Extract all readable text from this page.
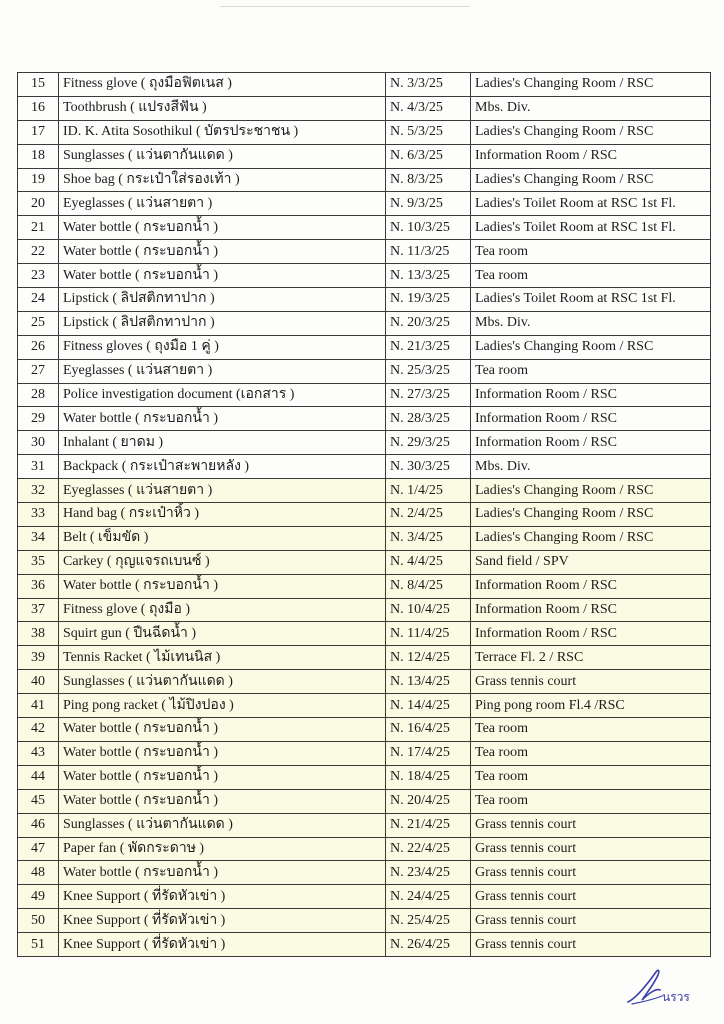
15	Fitness glove ( ถุงมือฟิตเนส )	N. 3/3/25	Ladies's Changing Room / RSC
16	Toothbrush ( แปรงสีฟัน )	N. 4/3/25	Mbs. Div.
17	ID. K. Atita Sosothikul ( บัตรประชาชน )	N. 5/3/25	Ladies's Changing Room / RSC
18	Sunglasses ( แว่นตากันแดด )	N. 6/3/25	Information Room / RSC
19	Shoe bag ( กระเป๋าใส่รองเท้า )	N. 8/3/25	Ladies's Changing Room / RSC
20	Eyeglasses ( แว่นสายตา )	N. 9/3/25	Ladies's Toilet Room at RSC 1st Fl.
21	Water bottle ( กระบอกน้ำ )	N. 10/3/25	Ladies's Toilet Room at RSC 1st Fl.
22	Water bottle ( กระบอกน้ำ )	N. 11/3/25	Tea room
23	Water bottle ( กระบอกน้ำ )	N. 13/3/25	Tea room
24	Lipstick ( ลิปสติกทาปาก )	N. 19/3/25	Ladies's Toilet Room at RSC 1st Fl.
25	Lipstick ( ลิปสติกทาปาก )	N. 20/3/25	Mbs. Div.
26	Fitness gloves ( ถุงมือ 1 คู่ )	N. 21/3/25	Ladies's Changing Room / RSC
27	Eyeglasses ( แว่นสายตา )	N. 25/3/25	Tea room
28	Police investigation document (เอกสาร )	N. 27/3/25	Information Room / RSC
29	Water bottle ( กระบอกน้ำ )	N. 28/3/25	Information Room / RSC
30	Inhalant ( ยาดม )	N. 29/3/25	Information Room / RSC
31	Backpack ( กระเป๋าสะพายหลัง )	N. 30/3/25	Mbs. Div.
32	Eyeglasses ( แว่นสายตา )	N. 1/4/25	Ladies's Changing Room / RSC
33	Hand bag ( กระเป๋าหิ้ว )	N. 2/4/25	Ladies's Changing Room / RSC
34	Belt ( เข็มขัด )	N. 3/4/25	Ladies's Changing Room / RSC
35	Carkey ( กุญแจรถเบนซ์ )	N. 4/4/25	Sand field / SPV
36	Water bottle ( กระบอกน้ำ )	N. 8/4/25	Information Room / RSC
37	Fitness glove ( ถุงมือ )	N. 10/4/25	Information Room / RSC
38	Squirt gun ( ปืนฉีดน้ำ )	N. 11/4/25	Information Room / RSC
39	Tennis Racket ( ไม้เทนนิส )	N. 12/4/25	Terrace Fl. 2 / RSC
40	Sunglasses ( แว่นตากันแดด )	N. 13/4/25	Grass tennis court
41	Ping pong racket ( ไม้ปิงปอง )	N. 14/4/25	Ping pong room Fl.4 /RSC
42	Water bottle ( กระบอกน้ำ )	N. 16/4/25	Tea room
43	Water bottle ( กระบอกน้ำ )	N. 17/4/25	Tea room
44	Water bottle ( กระบอกน้ำ )	N. 18/4/25	Tea room
45	Water bottle ( กระบอกน้ำ )	N. 20/4/25	Tea room
46	Sunglasses ( แว่นตากันแดด )	N. 21/4/25	Grass tennis court
47	Paper fan ( พัดกระดาษ )	N. 22/4/25	Grass tennis court
48	Water bottle ( กระบอกน้ำ )	N. 23/4/25	Grass tennis court
49	Knee Support ( ที่รัดหัวเข่า )	N. 24/4/25	Grass tennis court
50	Knee Support ( ที่รัดหัวเข่า )	N. 25/4/25	Grass tennis court
51	Knee Support ( ที่รัดหัวเข่า )	N. 26/4/25	Grass tennis court
นรวร
